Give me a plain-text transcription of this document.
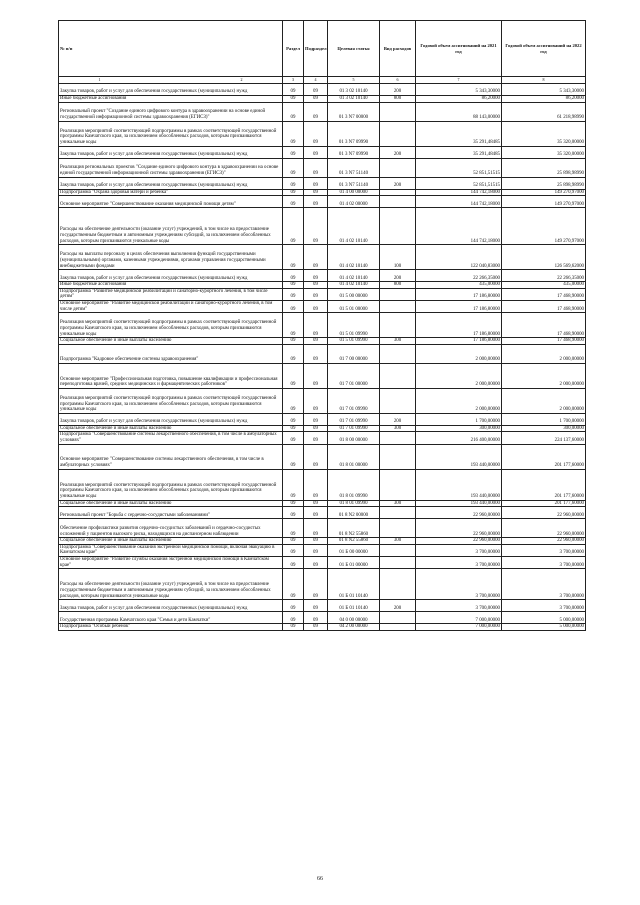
№ п/п	Раздел	Подраздел	Целевая статья	Вид расходов	Годовой объем ассигнований на 2021 год	Годовой объем ассигнований на 2022 год
1 2	3	4	5	6	7	8
Закупка товаров, работ и услуг для обеспечения государственных (муниципальных) нужд	09	09	01 3 02 10140	200	5 343,30000	5 343,30000
Иные бюджетные ассигнования	09	09	01 3 02 10140	800	86,20000	86,20000
Региональный проект "Создание единого цифрового контура в здравоохранении на основе единой государственной информационной системы здравоохранения (ЕГИСЗ)"	09	09	01 3 N7 00000		88 143,00000	61 218,98990
Реализация мероприятий соответствующей подпрограммы в рамках соответствующей государственной программы Камчатского края, за исключением обособленных расходов, которым присваиваются уникальные коды	09	09	01 3 N7 09990		35 291,48485	35 320,00000
Закупка товаров, работ и услуг для обеспечения государственных (муниципальных) нужд	09	09	01 3 N7 09990	200	35 291,48485	35 320,00000
Реализация региональных проектов "Создание единого цифрового контура в здравоохранении на основе единой государственной информационной системы здравоохранения (ЕГИСЗ)"	09	09	01 3 N7 51140		52 851,51515	25 898,98990
Закупка товаров, работ и услуг для обеспечения государственных (муниципальных) нужд	09	09	01 3 N7 51140	200	52 851,51515	25 898,98990
Подпрограмма "Охрана здоровья матери и ребенка"	09	09	01 4 00 00000		144 742,18000	149 270,97000
Основное мероприятие "Совершенствование оказания медицинской помощи детям"	09	09	01 4 02 00000		144 742,18000	149 270,97000
Расходы на обеспечение деятельности (оказание услуг) учреждений, в том числе на предоставление государственным бюджетным и автономным учреждениям субсидий, за исключением обособленных расходов, которым присваиваются уникальные коды	09	09	01 4 02 10140		144 742,18000	149 270,97000
Расходы на выплаты персоналу в целях обеспечения выполнения функций государственными (муниципальными) органами, казенными учреждениями, органами управления государственными внебюджетными фондами	09	09	01 4 02 10140	100	122 040,83000	126 569,62000
Закупка товаров, работ и услуг для обеспечения государственных (муниципальных) нужд	09	09	01 4 02 10140	200	22 266,35000	22 266,35000
Иные бюджетные ассигнования	09	09	01 4 02 10140	800	435,00000	435,00000
Подпрограмма "Развитие медицинской реабилитации и санаторно-курортного лечения, в том числе детям"	09	09	01 5 00 00000		17 186,80000	17 468,90000
Основное мероприятие "Развитие медицинской реабилитации и санаторно-курортного лечения, в том числе детям"	09	09	01 5 01 00000		17 186,80000	17 468,90000
Реализация мероприятий соответствующей подпрограммы в рамках соответствующей государственной программы Камчатского края, за исключением обособленных расходов, которым присваиваются уникальные коды	09	09	01 5 01 09990		17 186,80000	17 468,90000
Социальное обеспечение и иные выплаты населению	09	09	01 5 01 09990	300	17 186,80000	17 468,90000
Подпрограмма "Кадровое обеспечение системы здравоохранения"	09	09	01 7 00 00000		2 000,00000	2 000,00000
Основное мероприятие "Профессиональная подготовка, повышение квалификации и профессиональная переподготовка врачей, средних медицинских и фармацевтических работников"	09	09	01 7 01 00000		2 000,00000	2 000,00000
Реализация мероприятий соответствующей подпрограммы в рамках соответствующей государственной программы Камчатского края, за исключением обособленных расходов, которым присваиваются уникальные коды	09	09	01 7 01 09990		2 000,00000	2 000,00000
Закупка товаров, работ и услуг для обеспечения государственных (муниципальных) нужд	09	09	01 7 01 09990	200	1 700,00000	1 700,00000
Социальное обеспечение и иные выплаты населению	09	09	01 7 01 09990	300	300,00000	300,00000
Подпрограмма "Совершенствование системы лекарственного обеспечения, в том числе в амбулаторных условиях"	09	09	01 8 00 00000		216 400,00000	224 137,60000
Основное мероприятие "Совершенствование системы лекарственного обеспечения, в том числе в амбулаторных условиях"	09	09	01 8 01 00000		193 440,00000	201 177,60000
Реализация мероприятий соответствующей подпрограммы в рамках соответствующей государственной программы Камчатского края, за исключением обособленных расходов, которым присваиваются уникальные коды	09	09	01 8 01 09990		193 440,00000	201 177,60000
Социальное обеспечение и иные выплаты населению	09	09	01 8 01 09990	300	193 440,00000	201 177,60000
Региональный проект "Борьба с сердечно-сосудистыми заболеваниями"	09	09	01 8 N2 00000		22 960,00000	22 960,00000
Обеспечение профилактики развития сердечно-сосудистых заболеваний и сердечно-сосудистых осложнений у пациентов высокого риска, находящихся на диспансерном наблюдении	09	09	01 8 N2 55860		22 960,00000	22 960,00000
Социальное обеспечение и иные выплаты населению	09	09	01 8 N2 55860	300	22 960,00000	22 960,00000
Подпрограмма "Совершенствование оказания экстренной медицинской помощи, включая эвакуацию в Камчатском крае"	09	09	01 Б 00 00000		3 700,00000	3 700,00000
Основное мероприятие "Развитие службы оказания экстренной медицинской помощи в Камчатском крае"	09	09	01 Б 01 00000		3 700,00000	3 700,00000
Расходы на обеспечение деятельности (оказание услуг) учреждений, в том числе на предоставление государственным бюджетным и автономным учреждениям субсидий, за исключением обособленных расходов, которым присваиваются уникальные коды	09	09	01 Б 01 10140		3 700,00000	3 700,00000
Закупка товаров, работ и услуг для обеспечения государственных (муниципальных) нужд	09	09	01 Б 01 10140	200	3 700,00000	3 700,00000
Государственная программа Камчатского края "Семья и дети Камчатки"	09	09	04 0 00 00000		7 000,00000	5 000,00000
Подпрограмма "Особый ребенок"	09	09	04 2 00 00000		7 000,00000	5 000,00000
66
